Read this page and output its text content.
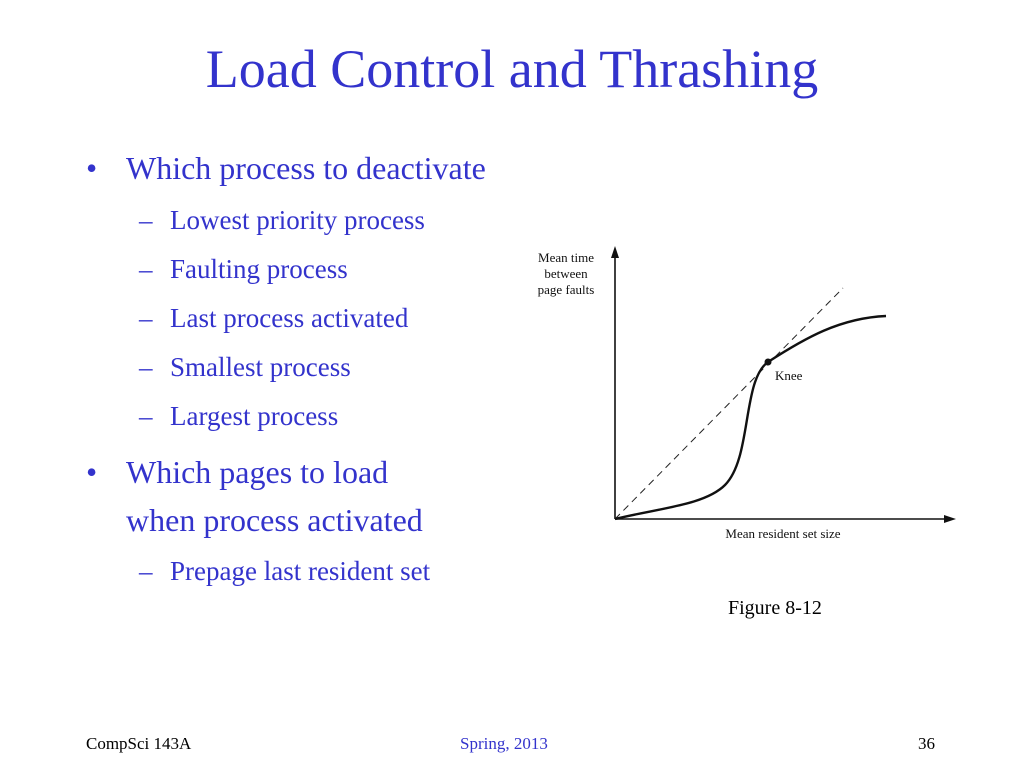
Load Control and Thrashing
• Which process to deactivate
– Lowest priority process
– Faulting process
– Last process activated
– Smallest process
– Largest process
• Which pages to load
when process activated
– Prepage last resident set
Mean time
between
page faults
Knee
Mean resident set size
Figure 8-12
CompSci 143A	Spring, 2013	36
